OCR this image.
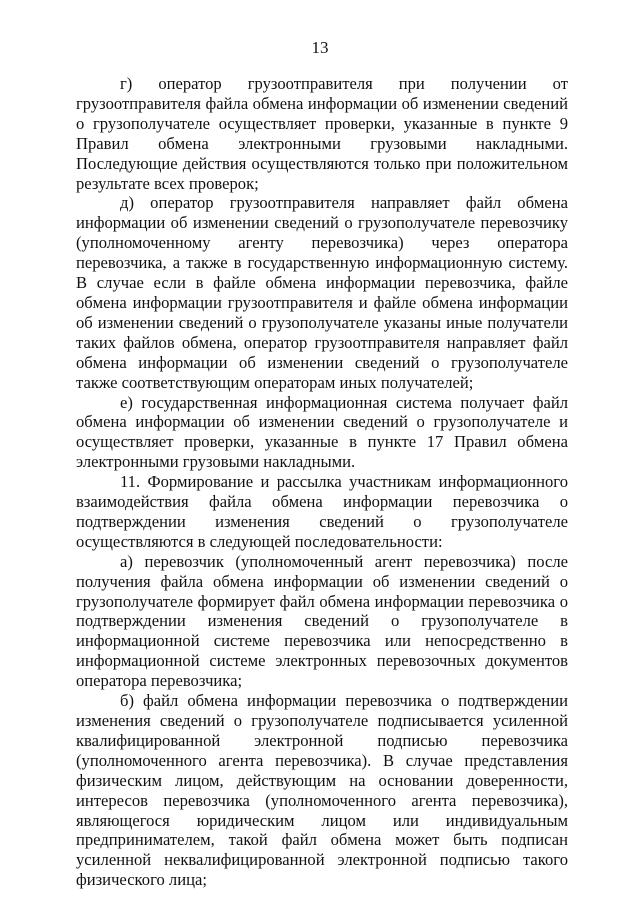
13

г) оператор грузоотправителя при получении от грузоотправителя файла обмена информации об изменении сведений о грузополучателе осуществляет проверки, указанные в пункте 9 Правил обмена электронными грузовыми накладными. Последующие действия осуществляются только при положительном результате всех проверок;

д) оператор грузоотправителя направляет файл обмена информации об изменении сведений о грузополучателе перевозчику (уполномоченному агенту перевозчика) через оператора перевозчика, а также в государственную информационную систему. В случае если в файле обмена информации перевозчика, файле обмена информации грузоотправителя и файле обмена информации об изменении сведений о грузополучателе указаны иные получатели таких файлов обмена, оператор грузоотправителя направляет файл обмена информации об изменении сведений о грузополучателе также соответствующим операторам иных получателей;

е) государственная информационная система получает файл обмена информации об изменении сведений о грузополучателе и осуществляет проверки, указанные в пункте 17 Правил обмена электронными грузовыми накладными.

11. Формирование и рассылка участникам информационного взаимодействия файла обмена информации перевозчика о подтверждении изменения сведений о грузополучателе осуществляются в следующей последовательности:

а) перевозчик (уполномоченный агент перевозчика) после получения файла обмена информации об изменении сведений о грузополучателе формирует файл обмена информации перевозчика о подтверждении изменения сведений о грузополучателе в информационной системе перевозчика или непосредственно в информационной системе электронных перевозочных документов оператора перевозчика;

б) файл обмена информации перевозчика о подтверждении изменения сведений о грузополучателе подписывается усиленной квалифицированной электронной подписью перевозчика (уполномоченного агента перевозчика). В случае представления физическим лицом, действующим на основании доверенности, интересов перевозчика (уполномоченного агента перевозчика), являющегося юридическим лицом или индивидуальным предпринимателем, такой файл обмена может быть подписан усиленной неквалифицированной электронной подписью такого физического лица;
